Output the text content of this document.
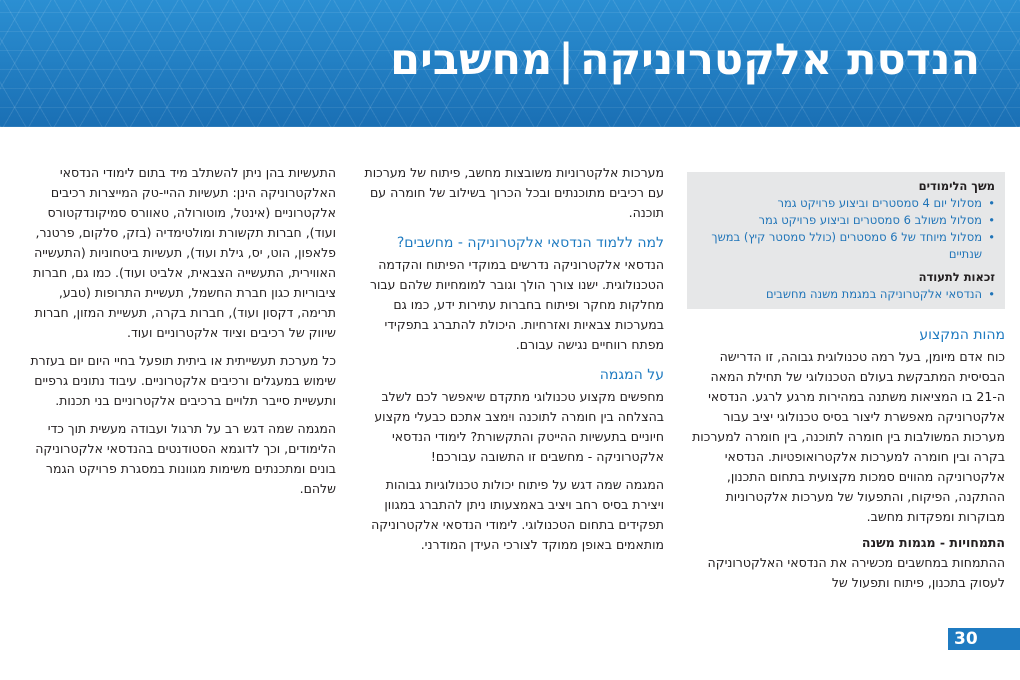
הנדסת אלקטרוניקה|מחשבים
משך הלימודים
• מסלול יום 4 סמסטרים וביצוע פרויקט גמר
• מסלול משולב 6 סמסטרים וביצוע פרויקט גמר
• מסלול מיוחד של 6 סמסטרים (כולל סמסטר קיץ) במשך שנתיים
זכאות לתעודה
• הנדסאי אלקטרוניקה במגמת משנה מחשבים
מהות המקצוע

כוח אדם מיומן, בעל רמה טכנולוגית גבוהה, זו הדרישה הבסיסית המתבקשת בעולם הטכנולוגי של תחילת המאה ה-21 בו המציאות משתנה במהירות מרגע לרגע. הנדסאי אלקטרוניקה מאפשרת ליצור בסיס טכנולוגי יציב עבור מערכות המשולבות בין חומרה לתוכנה, בין חומרה למערכות בקרה ובין חומרה למערכות אלקטרואופטיות. הנדסאי אלקטרוניקה מהווים סמכות מקצועית בתחום התכנון, ההתקנה, הפיקוח, והתפעול של מערכות אלקטרוניות מבוקרות ומפקדות מחשב.

התמחויות - מגמות משנה

ההתמחות במחשבים מכשירה את הנדסאי האלקטרוניקה לעסוק בתכנון, פיתוח ותפעול של

מערכות אלקטרוניות משובצות מחשב, פיתוח של מערכות עם רכיבים מתוכנתים ובכל הכרוך בשילוב של חומרה עם תוכנה.

למה ללמוד הנדסאי אלקטרוניקה - מחשבים?

הנדסאי אלקטרוניקה נדרשים במוקדי הפיתוח והקדמה הטכנולוגית. ישנו צורך הולך וגובר למומחיות שלהם עבור מחלקות מחקר ופיתוח בחברות עתירות ידע, כמו גם במערכות צבאיות ואזרחיות. היכולת להתברג בתפקידי מפתח רווחיים נגישה עבורם.

על המגמה

מחפשים מקצוע טכנולוגי מתקדם שיאפשר לכם לשלב בהצלחה בין חומרה לתוכנה ויִמצב אתכם כבעלי מקצוע חיוניים בתעשיות ההייטק והתקשורת? לימודי הנדסאי אלקטרוניקה - מחשבים זו התשובה עבורכם!

המגמה שמה דגש על פיתוח יכולות טכנולוגיות גבוהות ויצירת בסיס רחב ויציב באמצעותו ניתן להתברג במגוון תפקידים בתחום הטכנולוגי. לימודי הנדסאי אלקטרוניקה מותאמים באופן ממוקד לצורכי העידן המודרני.

התעשיות בהן ניתן להשתלב מיד בתום לימודי הנדסאי האלקטרוניקה הינן: תעשיות ההיי-טק המייצרות רכיבים אלקטרוניים (אינטל, מוטורולה, טאוורס סמיקונדקטורס ועוד), חברות תקשורת ומולטימדיה (בזק, סלקום, פרטנר, פלאפון, הוט, יס, גילת ועוד), תעשיות ביטחוניות (התעשייה האווירית, התעשייה הצבאית, אלביט ועוד). כמו גם, חברות ציבוריות כגון חברת החשמל, תעשיית התרופות (טבע, תרימה, דקסון ועוד), חברות בקרה, תעשיית המזון, חברות שיווק של רכיבים וציוד אלקטרוניים ועוד.

כל מערכת תעשייתית או ביתית תופעל בחיי היום יום בעזרת שימוש במעגלים ורכיבים אלקטרוניים. עיבוד נתונים גרפיים ותעשיית סייבר תלויים ברכיבים אלקטרוניים בני תכנות.

המגמה שמה דגש רב על תרגול ועבודה מעשית תוך כדי הלימודים, וכך לדוגמא הסטודנטים בהנדסאי אלקטרוניקה בונים ומתכנתים משימות מגוונות במסגרת פרויקט הגמר שלהם.

30
